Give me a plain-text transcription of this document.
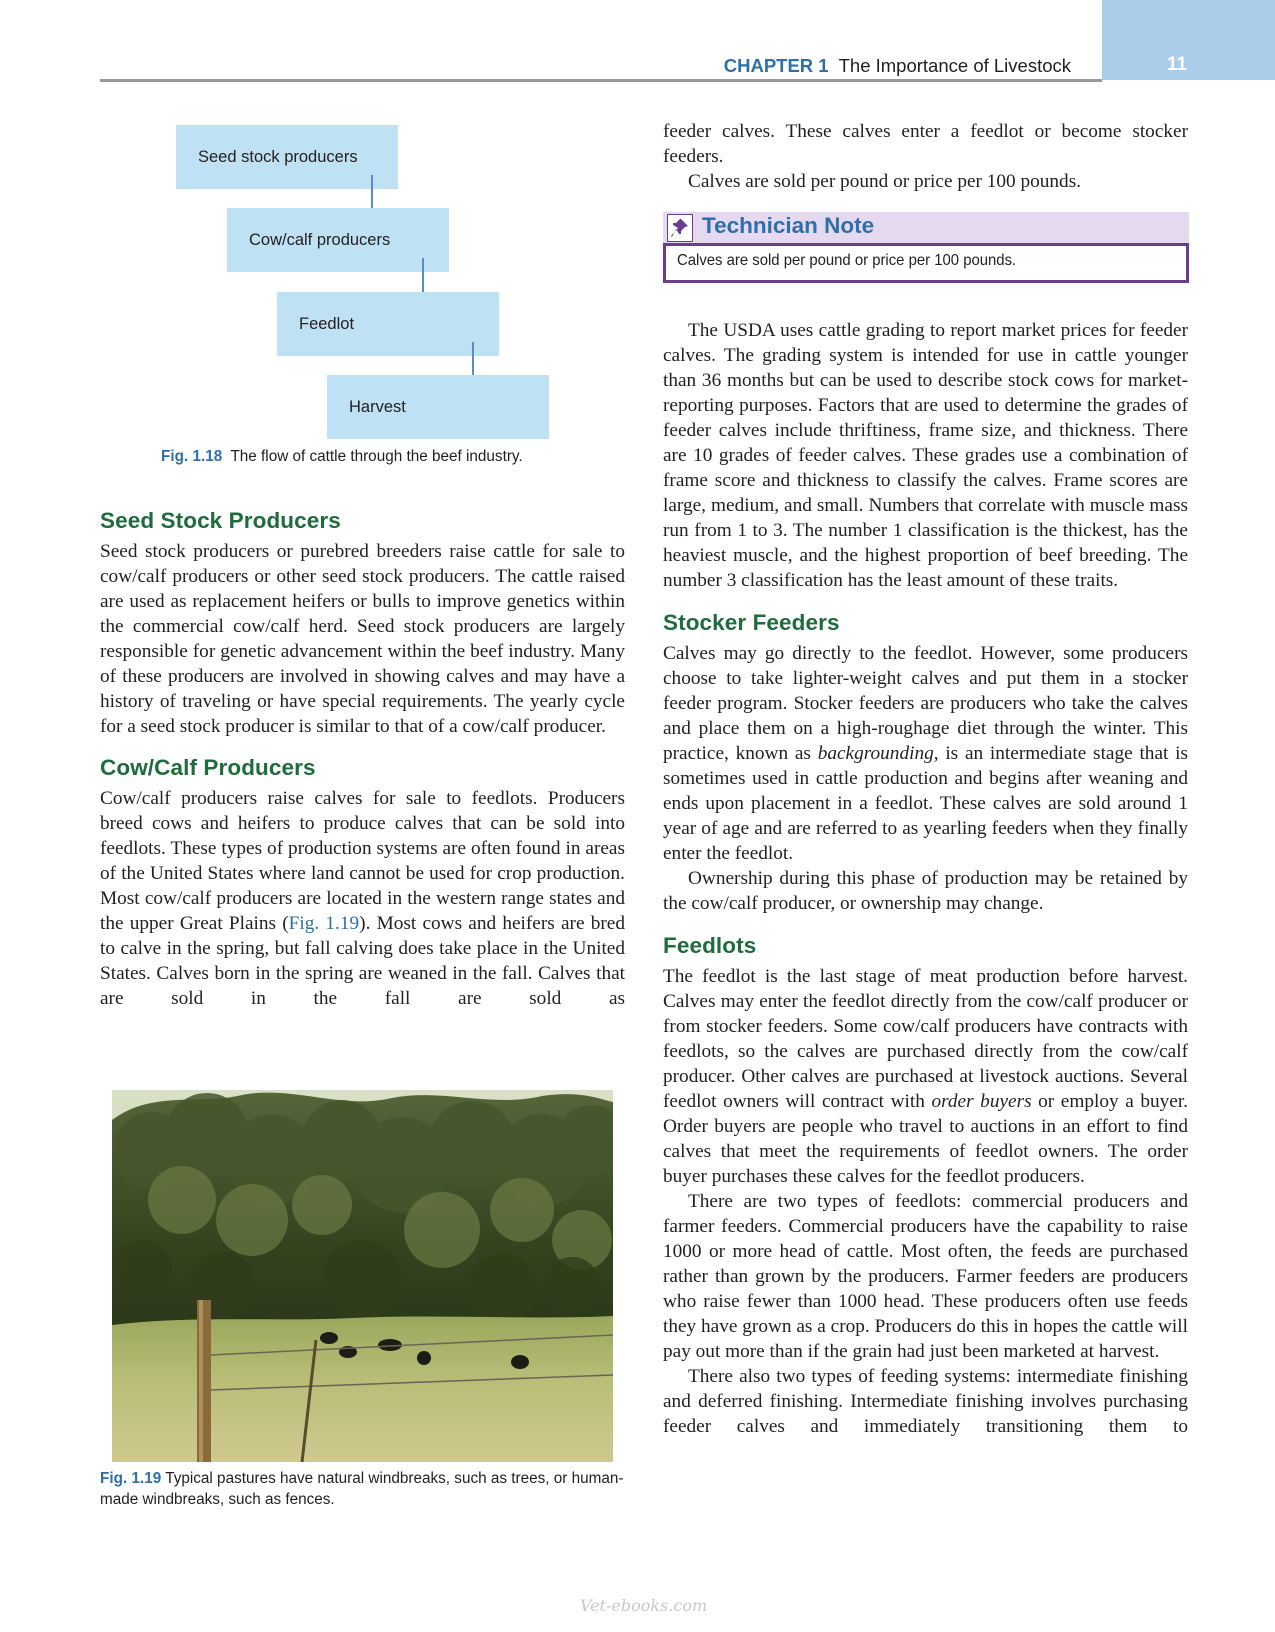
11
CHAPTER 1 The Importance of Livestock
Seed stock producers
Cow/calf producers
Feedlot
Harvest
Fig. 1.18 The flow of cattle through the beef industry.
Seed Stock Producers

Seed stock producers or purebred breeders raise cattle for sale to cow/calf producers or other seed stock producers. The cattle raised are used as replacement heifers or bulls to improve genetics within the commercial cow/calf herd. Seed stock producers are largely responsible for genetic advancement within the beef industry. Many of these producers are involved in showing calves and may have a history of traveling or have special requirements. The yearly cycle for a seed stock producer is similar to that of a cow/calf producer.

Cow/Calf Producers

Cow/calf producers raise calves for sale to feedlots. Producers breed cows and heifers to produce calves that can be sold into feedlots. These types of production systems are often found in areas of the United States where land cannot be used for crop production. Most cow/calf producers are located in the western range states and the upper Great Plains (Fig. 1.19). Most cows and heifers are bred to calve in the spring, but fall calving does take place in the United States. Calves born in the spring are weaned in the fall. Calves that are sold in the fall are sold as

Fig. 1.19 Typical pastures have natural windbreaks, such as trees, or human-made windbreaks, such as fences.

feeder calves. These calves enter a feedlot or become stocker feeders.

Calves are sold per pound or price per 100 pounds.

Technician Note
Calves are sold per pound or price per 100 pounds.

The USDA uses cattle grading to report market prices for feeder calves. The grading system is intended for use in cattle younger than 36 months but can be used to describe stock cows for market-reporting purposes. Factors that are used to determine the grades of feeder calves include thriftiness, frame size, and thickness. There are 10 grades of feeder calves. These grades use a combination of frame score and thickness to classify the calves. Frame scores are large, medium, and small. Numbers that correlate with muscle mass run from 1 to 3. The number 1 classification is the thickest, has the heaviest muscle, and the highest proportion of beef breeding. The number 3 classification has the least amount of these traits.

Stocker Feeders

Calves may go directly to the feedlot. However, some producers choose to take lighter-weight calves and put them in a stocker feeder program. Stocker feeders are producers who take the calves and place them on a high-roughage diet through the winter. This practice, known as backgrounding, is an intermediate stage that is sometimes used in cattle production and begins after weaning and ends upon placement in a feedlot. These calves are sold around 1 year of age and are referred to as yearling feeders when they finally enter the feedlot.

Ownership during this phase of production may be retained by the cow/calf producer, or ownership may change.

Feedlots

The feedlot is the last stage of meat production before harvest. Calves may enter the feedlot directly from the cow/calf producer or from stocker feeders. Some cow/calf producers have contracts with feedlots, so the calves are purchased directly from the cow/calf producer. Other calves are purchased at livestock auctions. Several feedlot owners will contract with order buyers or employ a buyer. Order buyers are people who travel to auctions in an effort to find calves that meet the requirements of feedlot owners. The order buyer purchases these calves for the feedlot producers.

There are two types of feedlots: commercial producers and farmer feeders. Commercial producers have the capability to raise 1000 or more head of cattle. Most often, the feeds are purchased rather than grown by the producers. Farmer feeders are producers who raise fewer than 1000 head. These producers often use feeds they have grown as a crop. Producers do this in hopes the cattle will pay out more than if the grain had just been marketed at harvest.

There also two types of feeding systems: intermediate finishing and deferred finishing. Intermediate finishing involves purchasing feeder calves and immediately transitioning them to

Vet-ebooks.com
